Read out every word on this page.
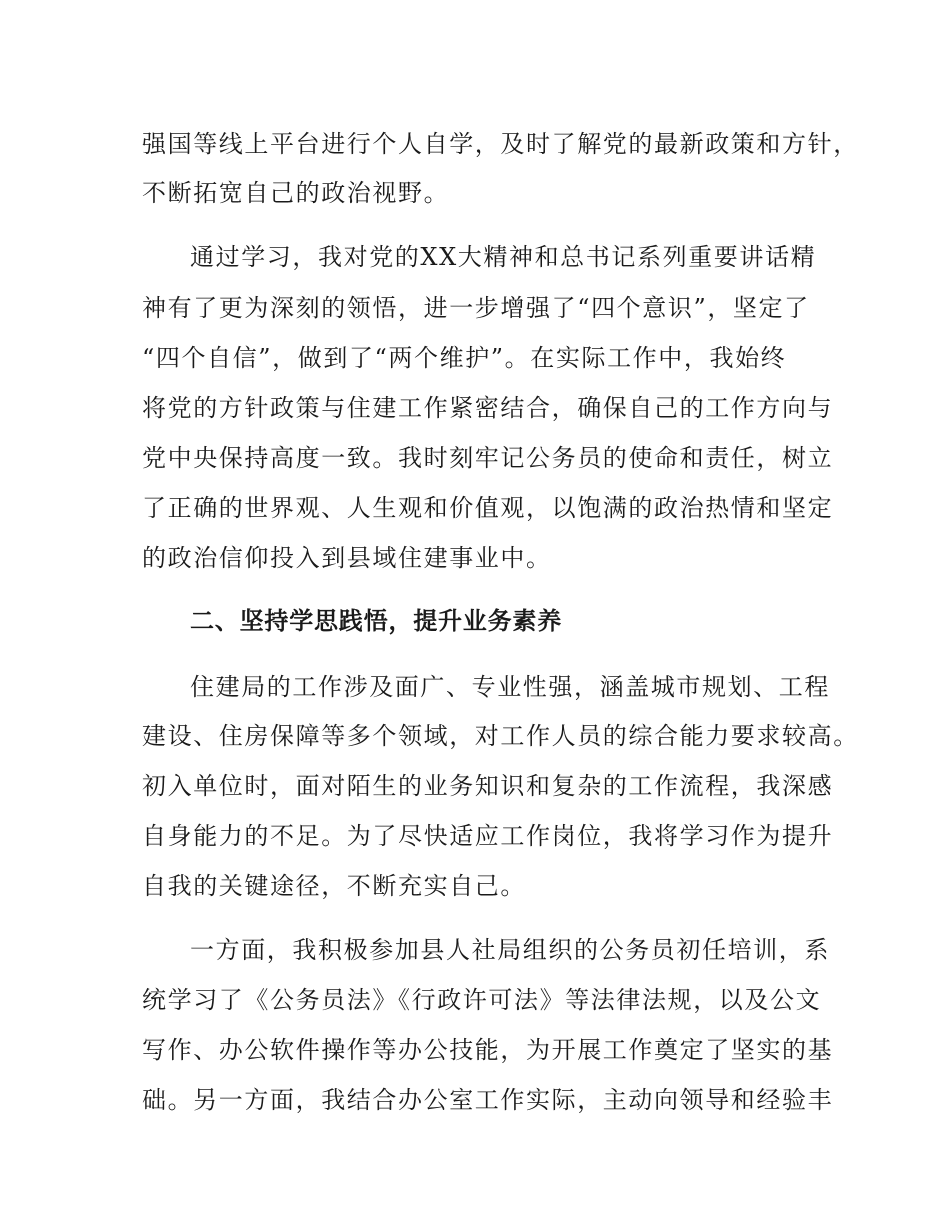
强国等线上平台进行个人自学，及时了解党的最新政策和方针，
不断拓宽自己的政治视野。
通过学习，我对党的XX大精神和总书记系列重要讲话精
神有了更为深刻的领悟，进一步增强了“四个意识”，坚定了
“四个自信”，做到了“两个维护”。在实际工作中，我始终
将党的方针政策与住建工作紧密结合，确保自己的工作方向与
党中央保持高度一致。我时刻牢记公务员的使命和责任，树立
了正确的世界观、人生观和价值观，以饱满的政治热情和坚定
的政治信仰投入到县域住建事业中。
二、坚持学思践悟，提升业务素养
住建局的工作涉及面广、专业性强，涵盖城市规划、工程
建设、住房保障等多个领域，对工作人员的综合能力要求较高。
初入单位时，面对陌生的业务知识和复杂的工作流程，我深感
自身能力的不足。为了尽快适应工作岗位，我将学习作为提升
自我的关键途径，不断充实自己。
一方面，我积极参加县人社局组织的公务员初任培训，系
统学习了《公务员法》《行政许可法》等法律法规，以及公文
写作、办公软件操作等办公技能，为开展工作奠定了坚实的基
础。另一方面，我结合办公室工作实际，主动向领导和经验丰
